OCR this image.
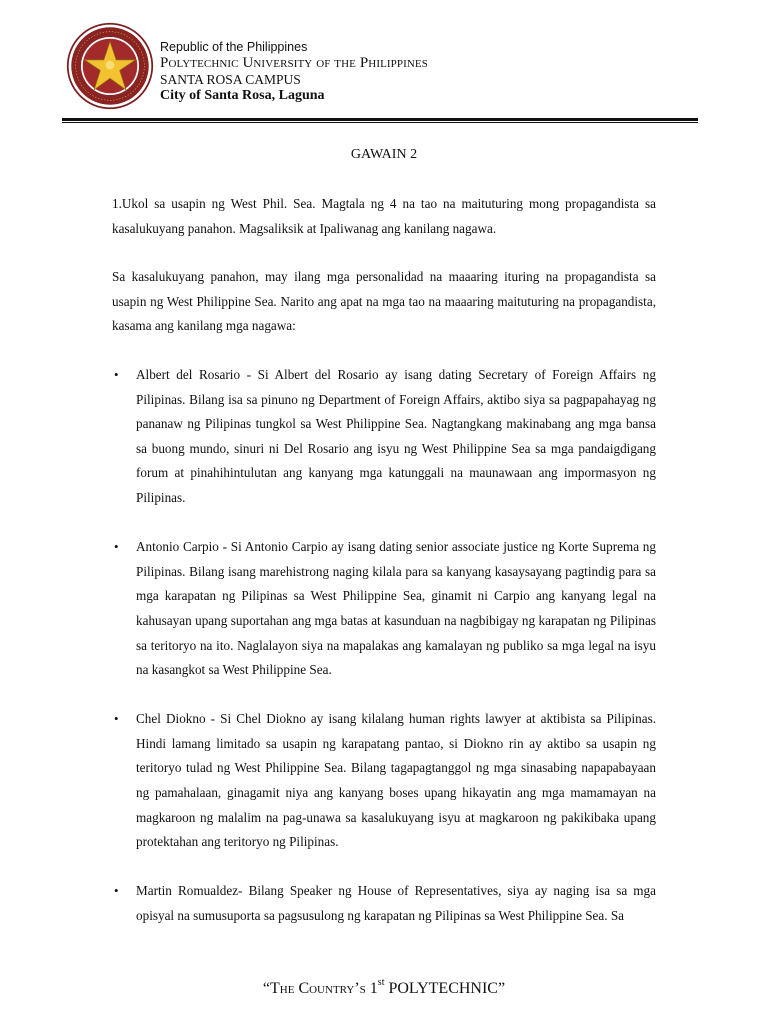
Republic of the Philippines
Polytechnic University of the Philippines
SANTA ROSA CAMPUS
City of Santa Rosa, Laguna
GAWAIN 2

1.Ukol sa usapin ng West Phil. Sea. Magtala ng 4 na tao na maituturing mong propagandista sa kasalukuyang panahon. Magsaliksik at Ipaliwanag ang kanilang nagawa.

Sa kasalukuyang panahon, may ilang mga personalidad na maaaring ituring na propagandista sa usapin ng West Philippine Sea. Narito ang apat na mga tao na maaaring maituturing na propagandista, kasama ang kanilang mga nagawa:

• Albert del Rosario - Si Albert del Rosario ay isang dating Secretary of Foreign Affairs ng Pilipinas. Bilang isa sa pinuno ng Department of Foreign Affairs, aktibo siya sa pagpapahayag ng pananaw ng Pilipinas tungkol sa West Philippine Sea. Nagtangkang makinabang ang mga bansa sa buong mundo, sinuri ni Del Rosario ang isyu ng West Philippine Sea sa mga pandaigdigang forum at pinahihintulutan ang kanyang mga katunggali na maunawaan ang impormasyon ng Pilipinas.
• Antonio Carpio - Si Antonio Carpio ay isang dating senior associate justice ng Korte Suprema ng Pilipinas. Bilang isang marehistrong naging kilala para sa kanyang kasaysayang pagtindig para sa mga karapatan ng Pilipinas sa West Philippine Sea, ginamit ni Carpio ang kanyang legal na kahusayan upang suportahan ang mga batas at kasunduan na nagbibigay ng karapatan ng Pilipinas sa teritoryo na ito. Naglalayon siya na mapalakas ang kamalayan ng publiko sa mga legal na isyu na kasangkot sa West Philippine Sea.
• Chel Diokno - Si Chel Diokno ay isang kilalang human rights lawyer at aktibista sa Pilipinas. Hindi lamang limitado sa usapin ng karapatang pantao, si Diokno rin ay aktibo sa usapin ng teritoryo tulad ng West Philippine Sea. Bilang tagapagtanggol ng mga sinasabing napapabayaan ng pamahalaan, ginagamit niya ang kanyang boses upang hikayatin ang mga mamamayan na magkaroon ng malalim na pag-unawa sa kasalukuyang isyu at magkaroon ng pakikibaka upang protektahan ang teritoryo ng Pilipinas.
• Martin Romualdez- Bilang Speaker ng House of Representatives, siya ay naging isa sa mga opisyal na sumusuporta sa pagsusulong ng karapatan ng Pilipinas sa West Philippine Sea. Sa
“The Country’s 1st POLYTECHNIC”
